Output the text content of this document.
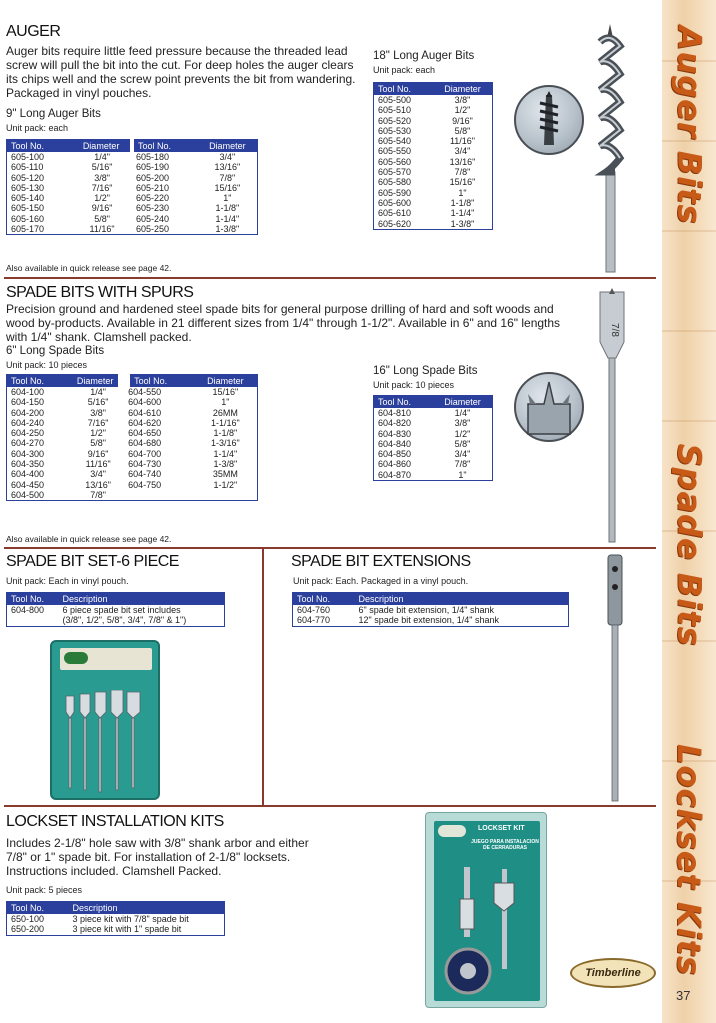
Auger Bits
Spade Bits
Lockset Kits
37
AUGER
Auger bits require little feed pressure because the threaded lead screw will pull the bit into the cut. For deep holes the auger clears its chips well and the screw point prevents the bit from wandering. Packaged in vinyl pouches.
9" Long Auger Bits
Unit pack: each
Tool No.	Diameter	Tool No.	Diameter
605-100	1/4"	605-180	3/4"
605-110	5/16"	605-190	13/16"
605-120	3/8"	605-200	7/8"
605-130	7/16"	605-210	15/16"
605-140	1/2"	605-220	1"
605-150	9/16"	605-230	1-1/8"
605-160	5/8"	605-240	1-1/4"
605-170	11/16"	605-250	1-3/8"
Also available in quick release see page 42.
18" Long Auger Bits
Unit pack: each
Tool No.	Diameter
605-500	3/8"
605-510	1/2"
605-520	9/16"
605-530	5/8"
605-540	11/16"
605-550	3/4"
605-560	13/16"
605-570	7/8"
605-580	15/16"
605-590	1"
605-600	1-1/8"
605-610	1-1/4"
605-620	1-3/8"
SPADE BITS WITH SPURS
Precision ground and hardened steel spade bits for general purpose drilling of hard and soft woods and wood by-products. Available in 21 different sizes from 1/4" through 1-1/2". Available in 6" and 16" lengths with 1/4" shank. Clamshell packed.
6" Long Spade Bits
Unit pack: 10 pieces
Tool No.	Diameter	Tool No.	Diameter
604-100	1/4"	604-550	15/16"
604-150	5/16"	604-600	1"
604-200	3/8"	604-610	26MM
604-240	7/16"	604-620	1-1/16"
604-250	1/2"	604-650	1-1/8"
604-270	5/8"	604-680	1-3/16"
604-300	9/16"	604-700	1-1/4"
604-350	11/16"	604-730	1-3/8"
604-400	3/4"	604-740	35MM
604-450	13/16"	604-750	1-1/2"
604-500	7/8"		
Also available in quick release see page 42.
16" Long Spade Bits
Unit pack: 10 pieces
Tool No.	Diameter
604-810	1/4"
604-820	3/8"
604-830	1/2"
604-840	5/8"
604-850	3/4"
604-860	7/8"
604-870	1"
7/8
SPADE BIT SET-6 PIECE
Unit pack: Each in vinyl pouch.
Tool No.	Description
604-800	6 piece spade bit set includes
	(3/8", 1/2", 5/8", 3/4", 7/8" & 1")
SPADE BIT EXTENSIONS
Unit pack: Each. Packaged in a vinyl pouch.
Tool No.	Description
604-760	6" spade bit extension, 1/4" shank
604-770	12" spade bit extension, 1/4" shank
LOCKSET INSTALLATION KITS
Includes 2-1/8" hole saw with 3/8" shank arbor and either 7/8" or 1" spade bit. For installation of 2-1/8" locksets. Instructions included. Clamshell Packed.
Unit pack: 5 pieces
Tool No.	Description
650-100	3 piece kit with 7/8" spade bit
650-200	3 piece kit with 1" spade bit
LOCKSET KIT
JUEGO PARA INSTALACION DE CERRADURAS
Timberline
